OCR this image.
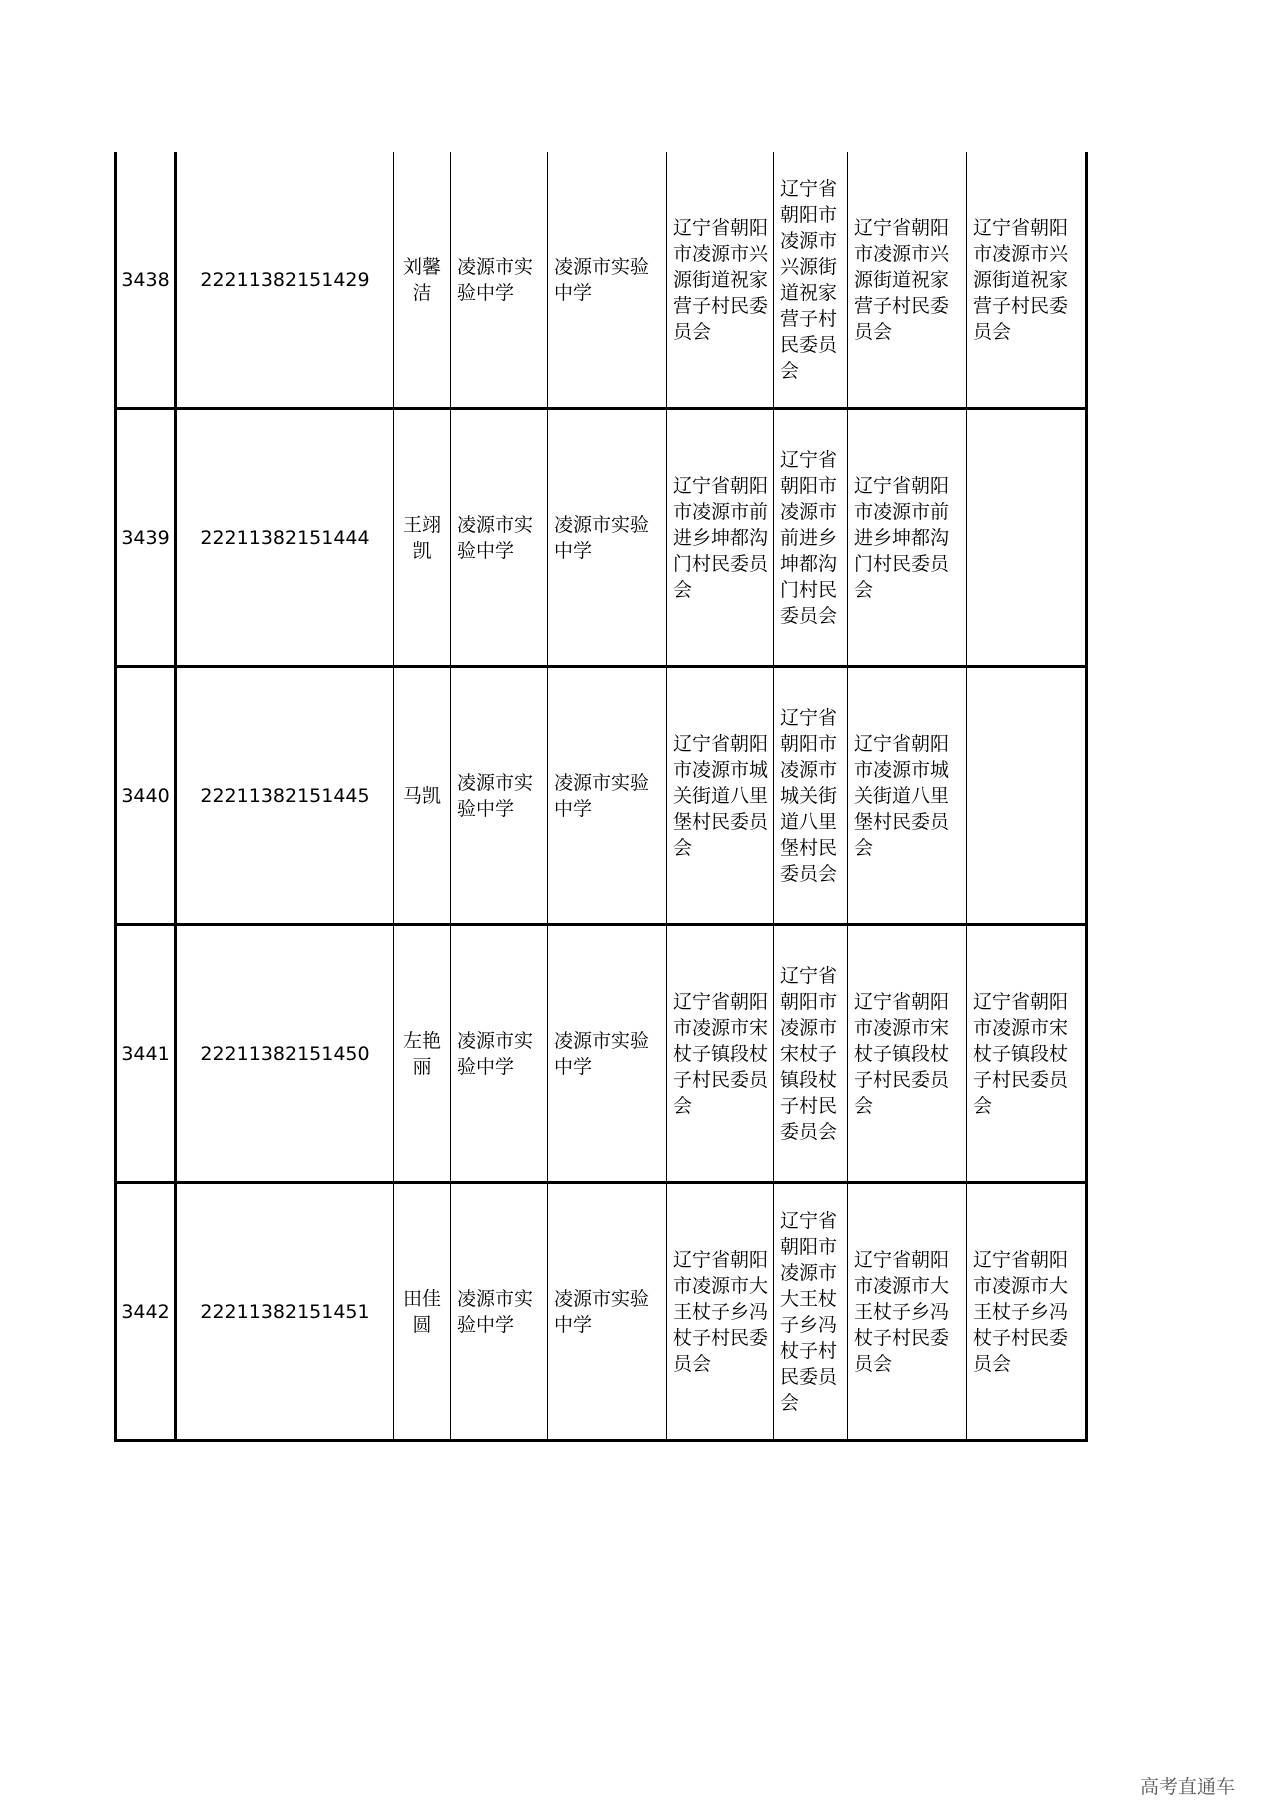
3438	22211382151429	刘馨洁	凌源市实验中学	凌源市实验中学	辽宁省朝阳市凌源市兴源街道祝家营子村民委员会	辽宁省朝阳市凌源市兴源街道祝家营子村民委员会	辽宁省朝阳市凌源市兴源街道祝家营子村民委员会	辽宁省朝阳市凌源市兴源街道祝家营子村民委员会

3439	22211382151444	王翊凯	凌源市实验中学	凌源市实验中学	辽宁省朝阳市凌源市前进乡坤都沟门村民委员会	辽宁省朝阳市凌源市前进乡坤都沟门村民委员会	辽宁省朝阳市凌源市前进乡坤都沟门村民委员会	

3440	22211382151445	马凯	凌源市实验中学	凌源市实验中学	辽宁省朝阳市凌源市城关街道八里堡村民委员会	辽宁省朝阳市凌源市城关街道八里堡村民委员会	辽宁省朝阳市凌源市城关街道八里堡村民委员会	

3441	22211382151450	左艳丽	凌源市实验中学	凌源市实验中学	辽宁省朝阳市凌源市宋杖子镇段杖子村民委员会	辽宁省朝阳市凌源市宋杖子镇段杖子村民委员会	辽宁省朝阳市凌源市宋杖子镇段杖子村民委员会	辽宁省朝阳市凌源市宋杖子镇段杖子村民委员会

3442	22211382151451	田佳圆	凌源市实验中学	凌源市实验中学	辽宁省朝阳市凌源市大王杖子乡冯杖子村民委员会	辽宁省朝阳市凌源市大王杖子乡冯杖子村民委员会	辽宁省朝阳市凌源市大王杖子乡冯杖子村民委员会	辽宁省朝阳市凌源市大王杖子乡冯杖子村民委员会
高考直通车
